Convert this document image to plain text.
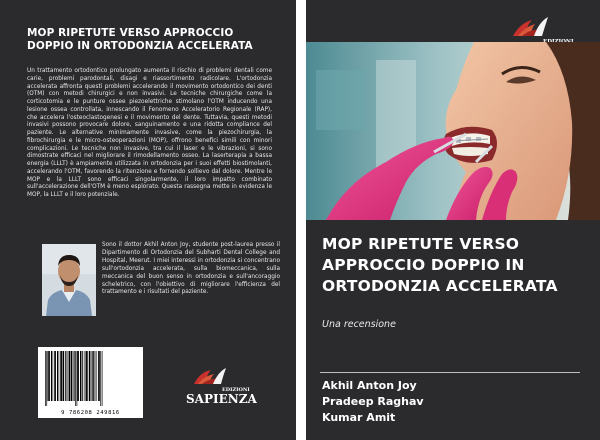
MOP RIPETUTE VERSO APPROCCIO DOPPIO IN ORTODONZIA ACCELERATA
Un trattamento ortodontico prolungato aumenta il rischio di problemi dentali come carie, problemi parodontali, disagi e riassortimento radicolare. L'ortodonzia accelerata affronta questi problemi accelerando il movimento ortodontico dei denti (OTM) con metodi chirurgici e non invasivi. Le tecniche chirurgiche come la corticotomia e le punture ossee piezoelettriche stimolano l'OTM inducendo una lesione ossea controllata, innescando il Fenomeno Acceleratorio Regionale (RAP), che accelera l'osteoclastogenesi e il movimento del dente. Tuttavia, questi metodi invasivi possono provocare dolore, sanguinamento e una ridotta compliance del paziente. Le alternative minimamente invasive, come la piezochirurgia, la fibrochirurgia e le micro-osteoperazioni (MOP), offrono benefici simili con minori complicazioni. Le tecniche non invasive, tra cui il laser e le vibrazioni, si sono dimostrate efficaci nel migliorare il rimodellamento osseo. La laserterapia a bassa energia (LLLT) è ampiamente utilizzata in ortodonzia per i suoi effetti biostimolanti, accelerando l'OTM, favorendo la ritenzione e fornendo sollievo dal dolore. Mentre le MOP e la LLLT sono efficaci singolarmente, il loro impatto combinato sull'accelerazione dell'OTM è meno esplorato. Questa rassegna mette in evidenza le MOP, la LLLT e il loro potenziale.
Sono il dottor Akhil Anton Joy, studente post-laurea presso il Dipartimento di Ortodonzia del Subharti Dental College and Hospital, Meerut. I miei interessi in ortodonzia si concentrano sull'ortodonzia accelerata, sulla biomeccanica, sulla meccanica del buon senso in ortodonzia e sull'ancoraggio scheletrico, con l'obiettivo di migliorare l'efficienza del trattamento e i risultati del paziente.
9 786208 249816
EDIZIONI
SAPIENZA
MOP RIPETUTE VERSO APPROCCIO DOPPIO IN ORTODONZIA ACCELERATA
Una recensione
Akhil Anton Joy
Pradeep Raghav
Kumar Amit
